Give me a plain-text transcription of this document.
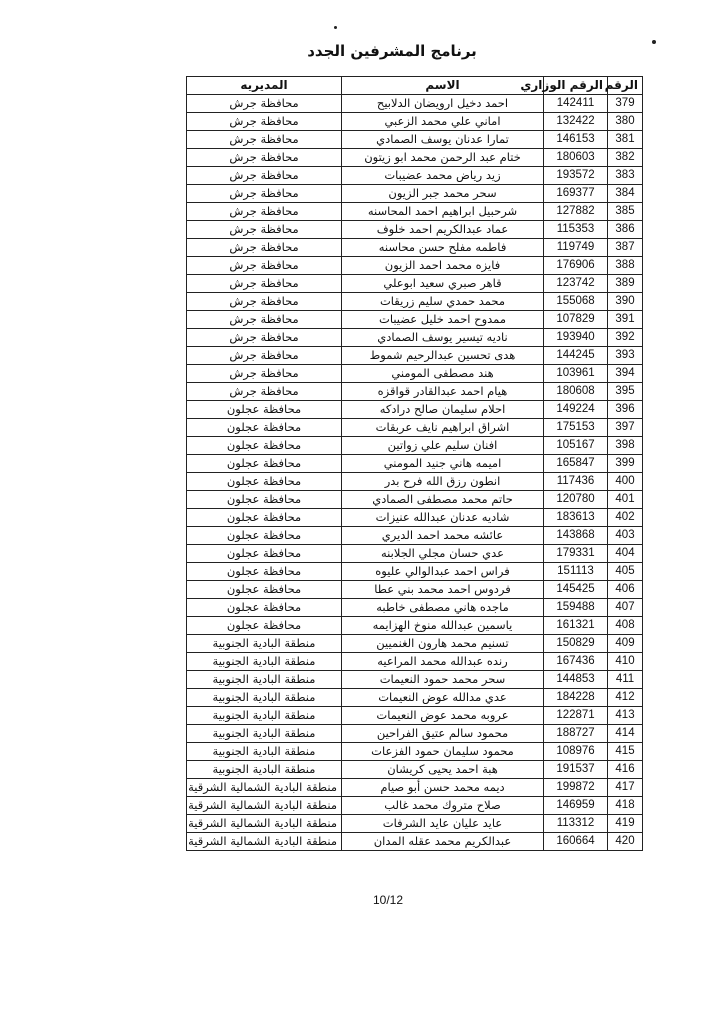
برنامج المشرفين الجدد
الرقم	الرقم الوزاري	الاسم	المديريه
379	142411	احمد دخيل ارويضان الدلابيح	محافظة جرش
380	132422	اماني علي محمد الزعبي	محافظة جرش
381	146153	تمارا عدنان يوسف الصمادي	محافظة جرش
382	180603	ختام عبد الرحمن محمد ابو زيتون	محافظة جرش
383	193572	زيد رياض محمد عضيبات	محافظة جرش
384	169377	سحر محمد جبر الزيون	محافظة جرش
385	127882	شرحبيل ابراهيم احمد المحاسنه	محافظة جرش
386	115353	عماد عبدالكريم احمد خلوف	محافظة جرش
387	119749	فاطمه مفلح حسن محاسنه	محافظة جرش
388	176906	فايزه محمد احمد الزيون	محافظة جرش
389	123742	قاهر صبري سعيد ابوعلي	محافظة جرش
390	155068	محمد حمدي سليم زريقات	محافظة جرش
391	107829	ممدوح احمد خليل عضيبات	محافظة جرش
392	193940	ناديه تيسير يوسف الصمادي	محافظة جرش
393	144245	هدى تحسين عبدالرحيم شموط	محافظة جرش
394	103961	هند مصطفى المومني	محافظة جرش
395	180608	هيام احمد عبدالقادر قواقزه	محافظة جرش
396	149224	احلام سليمان صالح درادكه	محافظة عجلون
397	175153	اشراق ابراهيم نايف عربقات	محافظة عجلون
398	105167	افنان سليم علي زواتين	محافظة عجلون
399	165847	اميمه هاني جنيد المومني	محافظة عجلون
400	117436	انطون رزق الله فرح بدر	محافظة عجلون
401	120780	حاتم محمد مصطفى الصمادي	محافظة عجلون
402	183613	شاديه عدنان عبدالله عنيزات	محافظة عجلون
403	143868	عائشه محمد احمد الديري	محافظة عجلون
404	179331	عدي حسان مجلي الجلابنه	محافظة عجلون
405	151113	فراس احمد عبدالوالي عليوه	محافظة عجلون
406	145425	فردوس احمد محمد بني عطا	محافظة عجلون
407	159488	ماجده هاني مصطفى خاطبه	محافظة عجلون
408	161321	ياسمين عبدالله منوخ الهزايمه	محافظة عجلون
409	150829	تسنيم محمد هارون الغنميين	منطقة البادية الجنوبية
410	167436	رنده عبدالله محمد المراعيه	منطقة البادية الجنوبية
411	144853	سحر محمد حمود النعيمات	منطقة البادية الجنوبية
412	184228	عدي مدالله عوض النعيمات	منطقة البادية الجنوبية
413	122871	عروبه محمد عوض النعيمات	منطقة البادية الجنوبية
414	188727	محمود سالم عتيق الفراحين	منطقة البادية الجنوبية
415	108976	محمود سليمان حمود الفزعات	منطقة البادية الجنوبية
416	191537	هبة احمد يحيى كريشان	منطقة البادية الجنوبية
417	199872	ديمه محمد حسن أبو صيام	منطقة البادية الشمالية الشرقية
418	146959	صلاح متروك محمد غالب	منطقة البادية الشمالية الشرقية
419	113312	عايد عليان عايد الشرفات	منطقة البادية الشمالية الشرقية
420	160664	عبدالكريم محمد عقله المدان	منطقة البادية الشمالية الشرقية
10/12
